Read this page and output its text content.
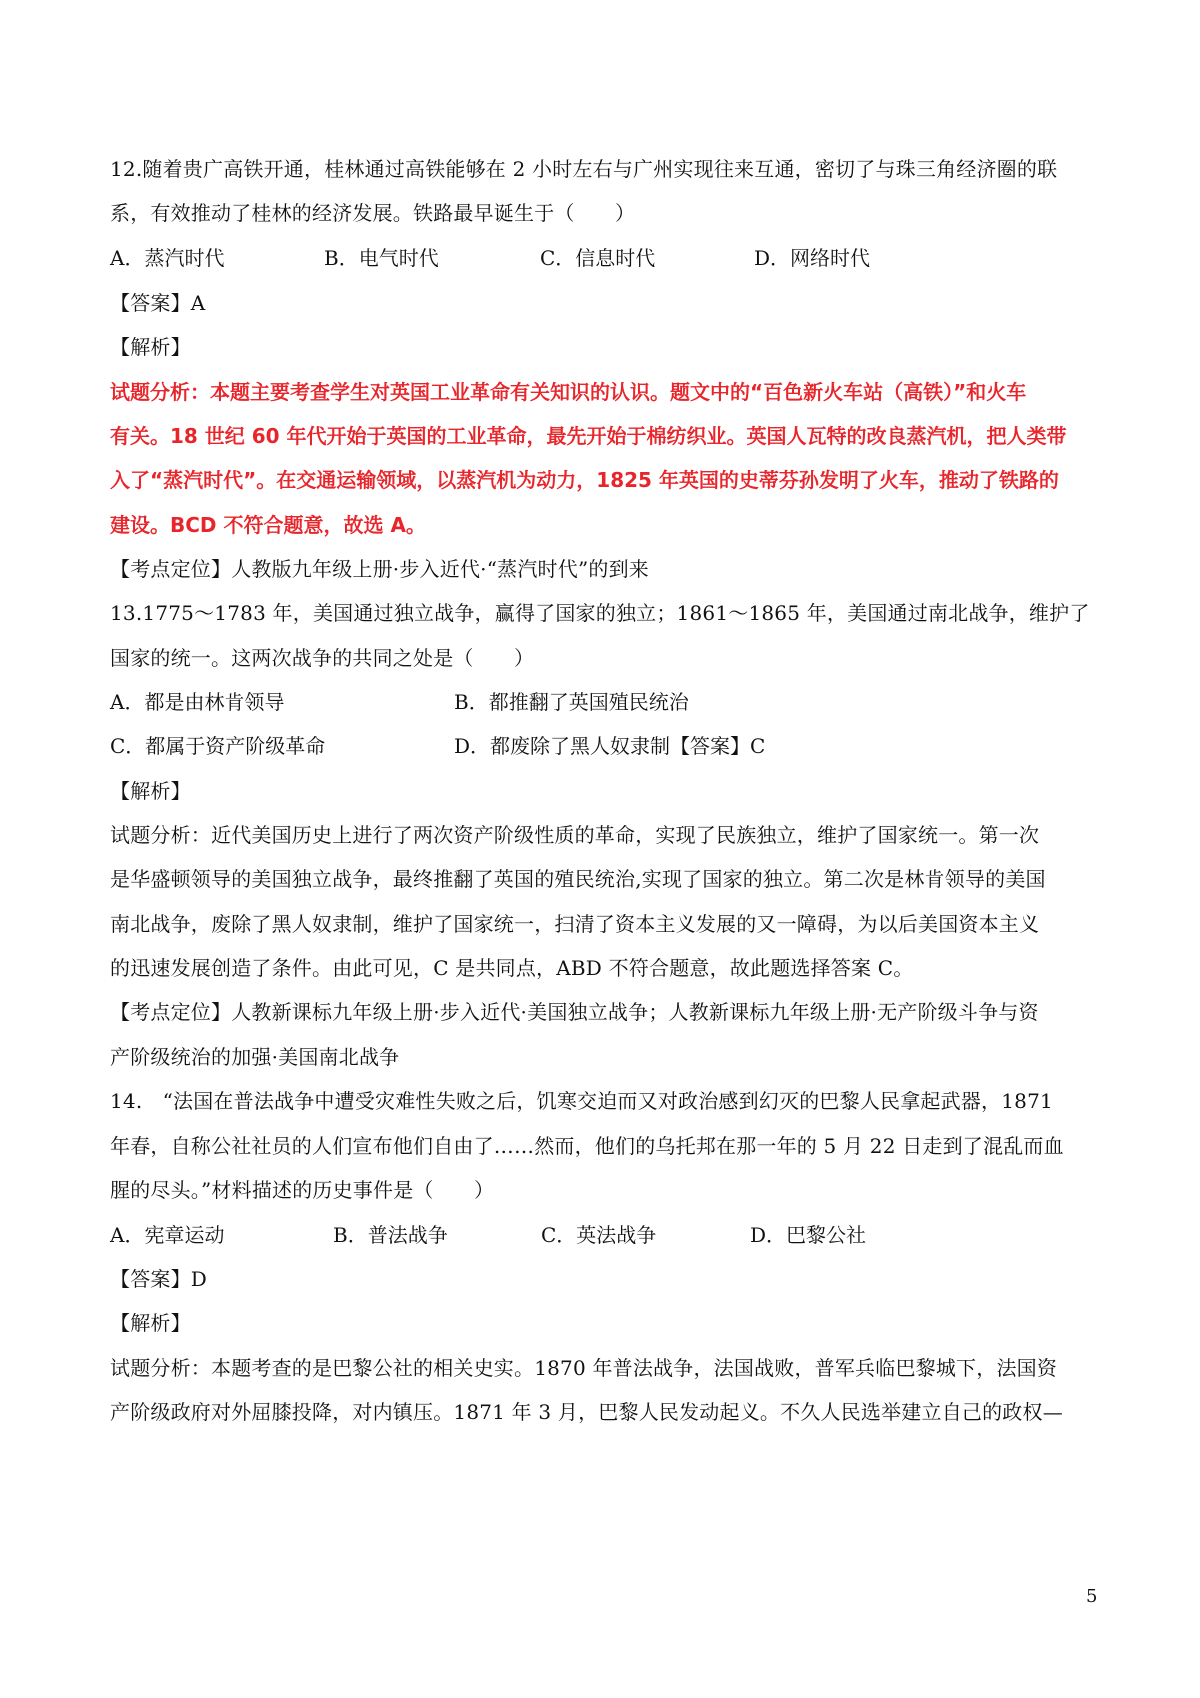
12.随着贵广高铁开通，桂林通过高铁能够在 2 小时左右与广州实现往来互通，密切了与珠三角经济圈的联
系，有效推动了桂林的经济发展。铁路最早诞生于（　　）
A．蒸汽时代	B．电气时代	C．信息时代	D．网络时代
【答案】A
【解析】
试题分析：本题主要考查学生对英国工业革命有关知识的认识。题文中的“百色新火车站（高铁）”和火车
有关。18 世纪 60 年代开始于英国的工业革命，最先开始于棉纺织业。英国人瓦特的改良蒸汽机，把人类带
入了“蒸汽时代”。在交通运输领域，以蒸汽机为动力，1825 年英国的史蒂芬孙发明了火车，推动了铁路的
建设。BCD 不符合题意，故选 A。
【考点定位】人教版九年级上册·步入近代·“蒸汽时代”的到来
13.1775～1783 年，美国通过独立战争，赢得了国家的独立；1861～1865 年，美国通过南北战争，维护了
国家的统一。这两次战争的共同之处是（　　）
A．都是由林肯领导	B．都推翻了英国殖民统治
C．都属于资产阶级革命	D．都废除了黑人奴隶制【答案】C
【解析】
试题分析：近代美国历史上进行了两次资产阶级性质的革命，实现了民族独立，维护了国家统一。第一次
是华盛顿领导的美国独立战争，最终推翻了英国的殖民统治,实现了国家的独立。第二次是林肯领导的美国
南北战争，废除了黑人奴隶制，维护了国家统一，扫清了资本主义发展的又一障碍，为以后美国资本主义
的迅速发展创造了条件。由此可见，C 是共同点，ABD 不符合题意，故此题选择答案 C。
【考点定位】人教新课标九年级上册·步入近代·美国独立战争；人教新课标九年级上册·无产阶级斗争与资
产阶级统治的加强·美国南北战争
14.　“法国在普法战争中遭受灾难性失败之后，饥寒交迫而又对政治感到幻灭的巴黎人民拿起武器，1871
年春，自称公社社员的人们宣布他们自由了……然而，他们的乌托邦在那一年的 5 月 22 日走到了混乱而血
腥的尽头。”材料描述的历史事件是（　　）
A．宪章运动	B．普法战争	C．英法战争	D．巴黎公社
【答案】D
【解析】
试题分析：本题考查的是巴黎公社的相关史实。1870 年普法战争，法国战败，普军兵临巴黎城下，法国资
产阶级政府对外屈膝投降，对内镇压。1871 年 3 月，巴黎人民发动起义。不久人民选举建立自己的政权—
5
